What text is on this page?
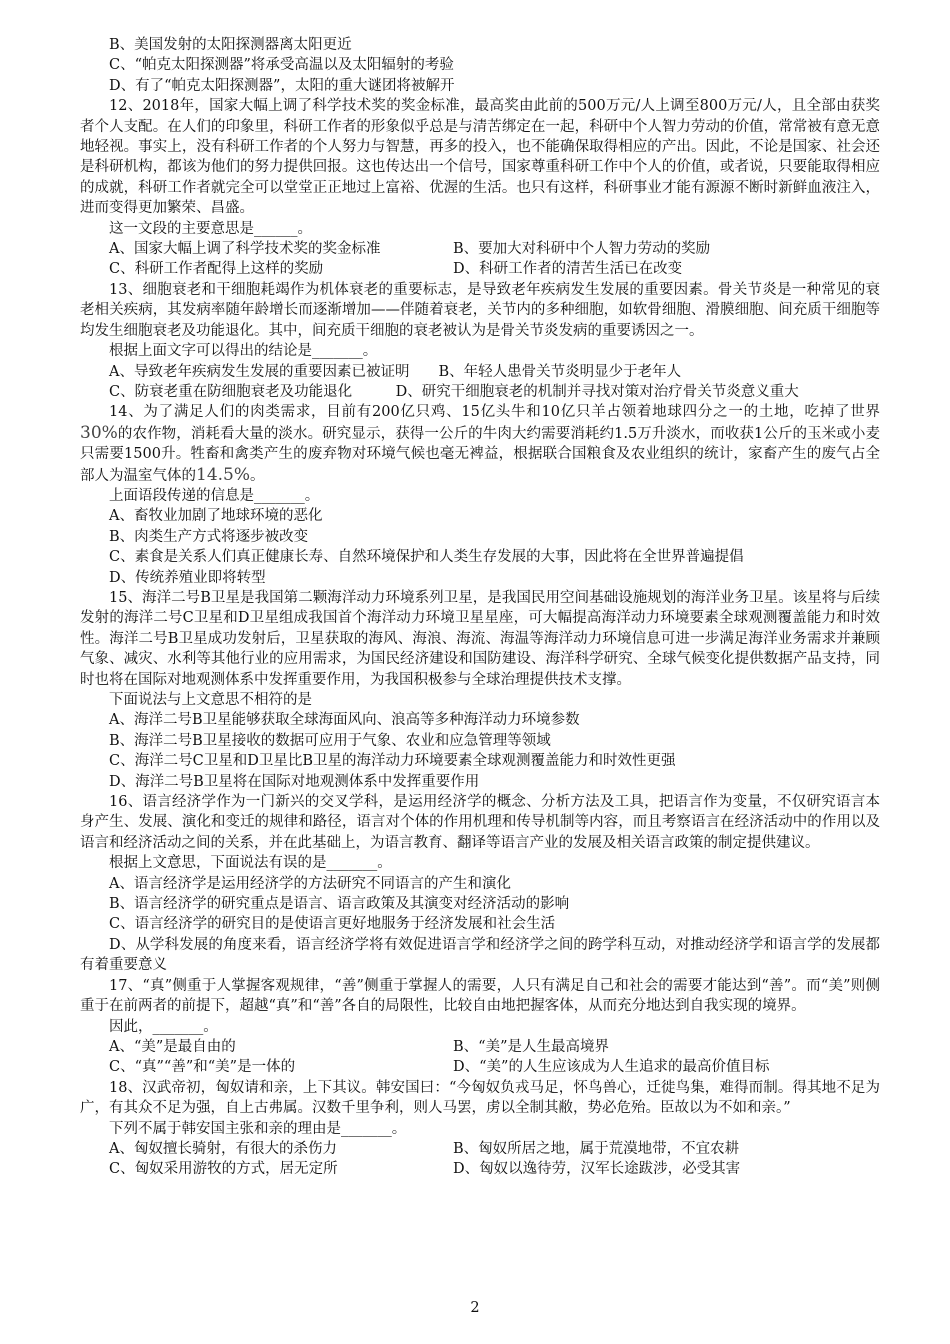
B、美国发射的太阳探测器离太阳更近

C、“帕克太阳探测器”将承受高温以及太阳辐射的考验

D、有了“帕克太阳探测器”，太阳的重大谜团将被解开

12、2018年，国家大幅上调了科学技术奖的奖金标准，最高奖由此前的500万元/人上调至800万元/人，且全部由获奖者个人支配。在人们的印象里，科研工作者的形象似乎总是与清苦绑定在一起，科研中个人智力劳动的价值，常常被有意无意地轻视。事实上，没有科研工作者的个人努力与智慧，再多的投入，也不能确保取得相应的产出。因此，不论是国家、社会还是科研机构，都该为他们的努力提供回报。这也传达出一个信号，国家尊重科研工作中个人的价值，或者说，只要能取得相应的成就，科研工作者就完全可以堂堂正正地过上富裕、优渥的生活。也只有这样，科研事业才能有源源不断时新鲜血液注入，进而变得更加繁荣、昌盛。

这一文段的主要意思是______。

A、国家大幅上调了科学技术奖的奖金标准	B、要加大对科研中个人智力劳动的奖励
C、科研工作者配得上这样的奖励	D、科研工作者的清苦生活已在改变

13、细胞衰老和干细胞耗竭作为机体衰老的重要标志，是导致老年疾病发生发展的重要因素。骨关节炎是一种常见的衰老相关疾病，其发病率随年龄增长而逐渐增加——伴随着衰老，关节内的多种细胞，如软骨细胞、滑膜细胞、间充质干细胞等均发生细胞衰老及功能退化。其中，间充质干细胞的衰老被认为是骨关节炎发病的重要诱因之一。

根据上面文字可以得出的结论是_______。

A、导致老年疾病发生发展的重要因素已被证明　　B、年轻人患骨关节炎明显少于老年人

C、防衰老重在防细胞衰老及功能退化　　　D、研究干细胞衰老的机制并寻找对策对治疗骨关节炎意义重大

14、为了满足人们的肉类需求，目前有200亿只鸡、15亿头牛和10亿只羊占领着地球四分之一的土地，吃掉了世界30%的农作物，消耗看大量的淡水。研究显示，获得一公斤的牛肉大约需要消耗约1.5万升淡水，而收获1公斤的玉米或小麦只需要1500升。牲畜和禽类产生的废弃物对环境气候也毫无裨益，根据联合国粮食及农业组织的统计，家畜产生的废气占全部人为温室气体的14.5%。

上面语段传递的信息是_______。

A、畜牧业加剧了地球环境的恶化

B、肉类生产方式将逐步被改变

C、素食是关系人们真正健康长寿、自然环境保护和人类生存发展的大事，因此将在全世界普遍提倡

D、传统养殖业即将转型

15、海洋二号B卫星是我国第二颗海洋动力环境系列卫星，是我国民用空间基础设施规划的海洋业务卫星。该星将与后续发射的海洋二号C卫星和D卫星组成我国首个海洋动力环境卫星星座，可大幅提高海洋动力环境要素全球观测覆盖能力和时效性。海洋二号B卫星成功发射后，卫星获取的海风、海浪、海流、海温等海洋动力环境信息可进一步满足海洋业务需求并兼顾气象、减灾、水利等其他行业的应用需求，为国民经济建设和国防建设、海洋科学研究、全球气候变化提供数据产品支持，同时也将在国际对地观测体系中发挥重要作用，为我国积极参与全球治理提供技术支撑。

下面说法与上文意思不相符的是

A、海洋二号B卫星能够获取全球海面风向、浪高等多种海洋动力环境参数

B、海洋二号B卫星接收的数据可应用于气象、农业和应急管理等领域

C、海洋二号C卫星和D卫星比B卫星的海洋动力环境要素全球观测覆盖能力和时效性更强

D、海洋二号B卫星将在国际对地观测体系中发挥重要作用

16、语言经济学作为一门新兴的交叉学科，是运用经济学的概念、分析方法及工具，把语言作为变量，不仅研究语言本身产生、发展、演化和变迁的规律和路径，语言对个体的作用机理和传导机制等内容，而且考察语言在经济活动中的作用以及语言和经济活动之间的关系，并在此基础上，为语言教育、翻译等语言产业的发展及相关语言政策的制定提供建议。

根据上文意思，下面说法有误的是_______。

A、语言经济学是运用经济学的方法研究不同语言的产生和演化

B、语言经济学的研究重点是语言、语言政策及其演变对经济活动的影响

C、语言经济学的研究目的是使语言更好地服务于经济发展和社会生活

D、从学科发展的角度来看，语言经济学将有效促进语言学和经济学之间的跨学科互动，对推动经济学和语言学的发展都有着重要意义

17、“真”侧重于人掌握客观规律，“善”侧重于掌握人的需要，人只有满足自己和社会的需要才能达到“善”。而“美”则侧重于在前两者的前提下，超越“真”和“善”各自的局限性，比较自由地把握客体，从而充分地达到自我实现的境界。

因此，_______。

A、“美”是最自由的	B、“美”是人生最高境界
C、“真”“善”和“美”是一体的	D、“美”的人生应该成为人生追求的最高价值目标

18、汉武帝初，匈奴请和亲，上下其议。韩安国曰：“今匈奴负戎马足，怀鸟兽心，迁徙鸟集，难得而制。得其地不足为广，有其众不足为强，自上古弗属。汉数千里争利，则人马罢，虏以全制其敝，势必危殆。臣故以为不如和亲。”

下列不属于韩安国主张和亲的理由是_______。

A、匈奴擅长骑射，有很大的杀伤力	B、匈奴所居之地，属于荒漠地带，不宜农耕
C、匈奴采用游牧的方式，居无定所	D、匈奴以逸待劳，汉军长途跋涉，必受其害
2
